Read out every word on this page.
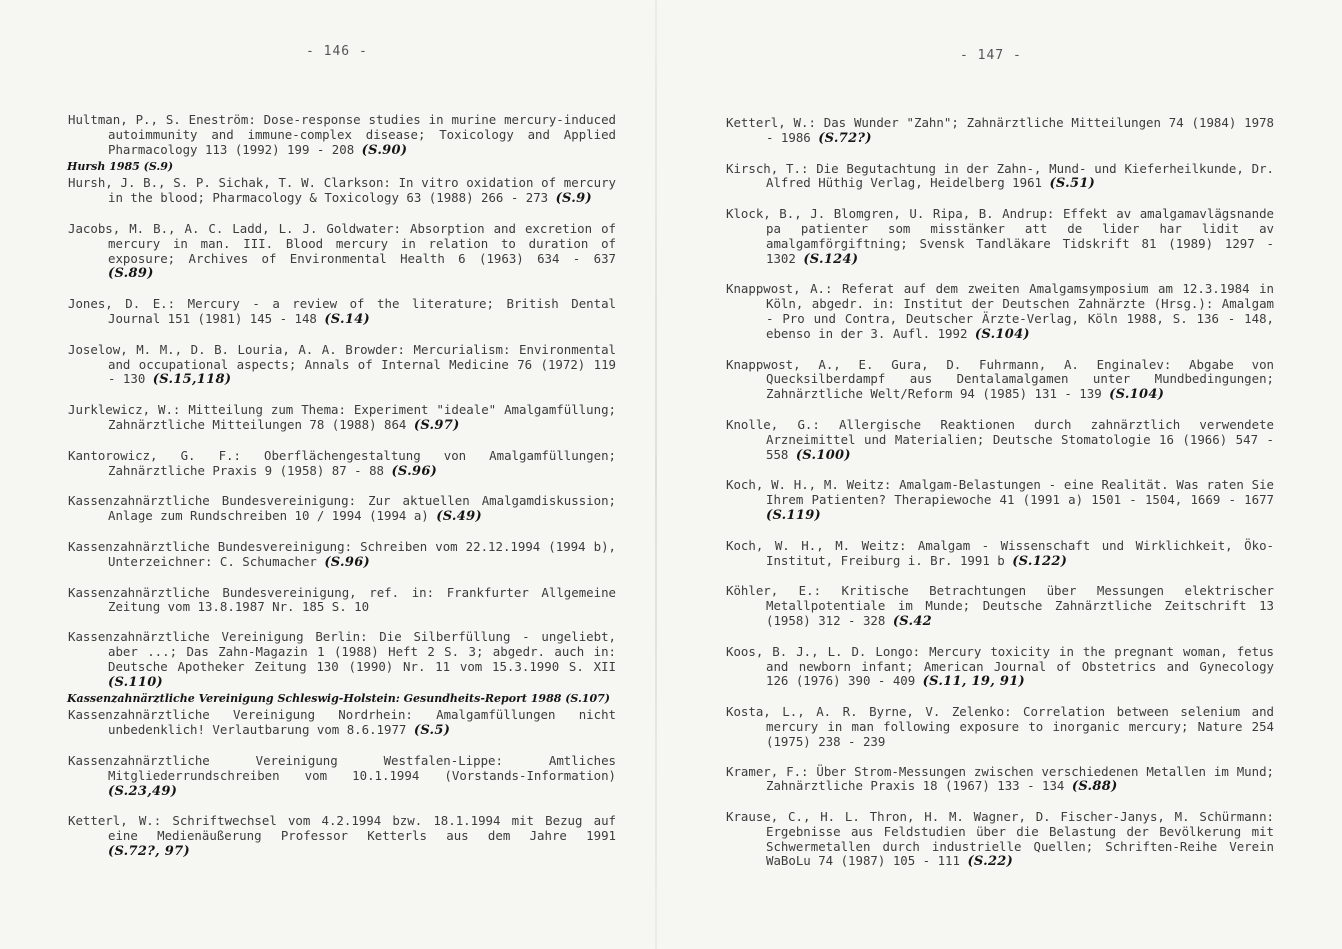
- 146 -
Hultman, P., S. Eneström: Dose-response studies in murine mercury-induced autoimmunity and immune-complex disease; Toxicology and Applied Pharmacology 113 (1992) 199 - 208 (S.90)
Hursh 1985 (S.9)
Hursh, J. B., S. P. Sichak, T. W. Clarkson: In vitro oxidation of mercury in the blood; Pharmacology & Toxicology 63 (1988) 266 - 273 (S.9)
Jacobs, M. B., A. C. Ladd, L. J. Goldwater: Absorption and excretion of mercury in man. III. Blood mercury in relation to duration of exposure; Archives of Environmental Health 6 (1963) 634 - 637 (S.89)
Jones, D. E.: Mercury - a review of the literature; British Dental Journal 151 (1981) 145 - 148 (S.14)
Joselow, M. M., D. B. Louria, A. A. Browder: Mercurialism: Environmental and occupational aspects; Annals of Internal Medicine 76 (1972) 119 - 130 (S.15,118)
Jurklewicz, W.: Mitteilung zum Thema: Experiment "ideale" Amalgamfüllung; Zahnärztliche Mitteilungen 78 (1988) 864 (S.97)
Kantorowicz, G. F.: Oberflächengestaltung von Amalgamfüllungen; Zahnärztliche Praxis 9 (1958) 87 - 88 (S.96)
Kassenzahnärztliche Bundesvereinigung: Zur aktuellen Amalgamdiskussion; Anlage zum Rundschreiben 10 / 1994 (1994 a) (S.49)
Kassenzahnärztliche Bundesvereinigung: Schreiben vom 22.12.1994 (1994 b), Unterzeichner: C. Schumacher (S.96)
Kassenzahnärztliche Bundesvereinigung, ref. in: Frankfurter Allgemeine Zeitung vom 13.8.1987 Nr. 185 S. 10
Kassenzahnärztliche Vereinigung Berlin: Die Silberfüllung - ungeliebt, aber ...; Das Zahn-Magazin 1 (1988) Heft 2 S. 3; abgedr. auch in: Deutsche Apotheker Zeitung 130 (1990) Nr. 11 vom 15.3.1990 S. XII (S.110)
Kassenzahnärztliche Vereinigung Schleswig-Holstein: Gesundheits-Report 1988 (S.107)
Kassenzahnärztliche Vereinigung Nordrhein: Amalgamfüllungen nicht unbedenklich! Verlautbarung vom 8.6.1977 (S.5)
Kassenzahnärztliche Vereinigung Westfalen-Lippe: Amtliches Mitgliederrundschreiben vom 10.1.1994 (Vorstands-Information) (S.23,49)
Ketterl, W.: Schriftwechsel vom 4.2.1994 bzw. 18.1.1994 mit Bezug auf eine Medienäußerung Professor Ketterls aus dem Jahre 1991 (S.72?, 97)
- 147 -
Ketterl, W.: Das Wunder "Zahn"; Zahnärztliche Mitteilungen 74 (1984) 1978 - 1986 (S.72?)
Kirsch, T.: Die Begutachtung in der Zahn-, Mund- und Kieferheilkunde, Dr. Alfred Hüthig Verlag, Heidelberg 1961 (S.51)
Klock, B., J. Blomgren, U. Ripa, B. Andrup: Effekt av amalgamavlägsnande pa patienter som misstänker att de lider har lidit av amalgamförgiftning; Svensk Tandläkare Tidskrift 81 (1989) 1297 - 1302 (S.124)
Knappwost, A.: Referat auf dem zweiten Amalgamsymposium am 12.3.1984 in Köln, abgedr. in: Institut der Deutschen Zahnärzte (Hrsg.): Amalgam - Pro und Contra, Deutscher Ärzte-Verlag, Köln 1988, S. 136 - 148, ebenso in der 3. Aufl. 1992 (S.104)
Knappwost, A., E. Gura, D. Fuhrmann, A. Enginalev: Abgabe von Quecksilberdampf aus Dentalamalgamen unter Mundbedingungen; Zahnärztliche Welt/Reform 94 (1985) 131 - 139 (S.104)
Knolle, G.: Allergische Reaktionen durch zahnärztlich verwendete Arzneimittel und Materialien; Deutsche Stomatologie 16 (1966) 547 - 558 (S.100)
Koch, W. H., M. Weitz: Amalgam-Belastungen - eine Realität. Was raten Sie Ihrem Patienten? Therapiewoche 41 (1991 a) 1501 - 1504, 1669 - 1677 (S.119)
Koch, W. H., M. Weitz: Amalgam - Wissenschaft und Wirklichkeit, Öko-Institut, Freiburg i. Br. 1991 b (S.122)
Köhler, E.: Kritische Betrachtungen über Messungen elektrischer Metallpotentiale im Munde; Deutsche Zahnärztliche Zeitschrift 13 (1958) 312 - 328 (S.42
Koos, B. J., L. D. Longo: Mercury toxicity in the pregnant woman, fetus and newborn infant; American Journal of Obstetrics and Gynecology 126 (1976) 390 - 409 (S.11, 19, 91)
Kosta, L., A. R. Byrne, V. Zelenko: Correlation between selenium and mercury in man following exposure to inorganic mercury; Nature 254 (1975) 238 - 239
Kramer, F.: Über Strom-Messungen zwischen verschiedenen Metallen im Mund; Zahnärztliche Praxis 18 (1967) 133 - 134 (S.88)
Krause, C., H. L. Thron, H. M. Wagner, D. Fischer-Janys, M. Schürmann: Ergebnisse aus Feldstudien über die Belastung der Bevölkerung mit Schwermetallen durch industrielle Quellen; Schriften-Reihe Verein WaBoLu 74 (1987) 105 - 111 (S.22)
